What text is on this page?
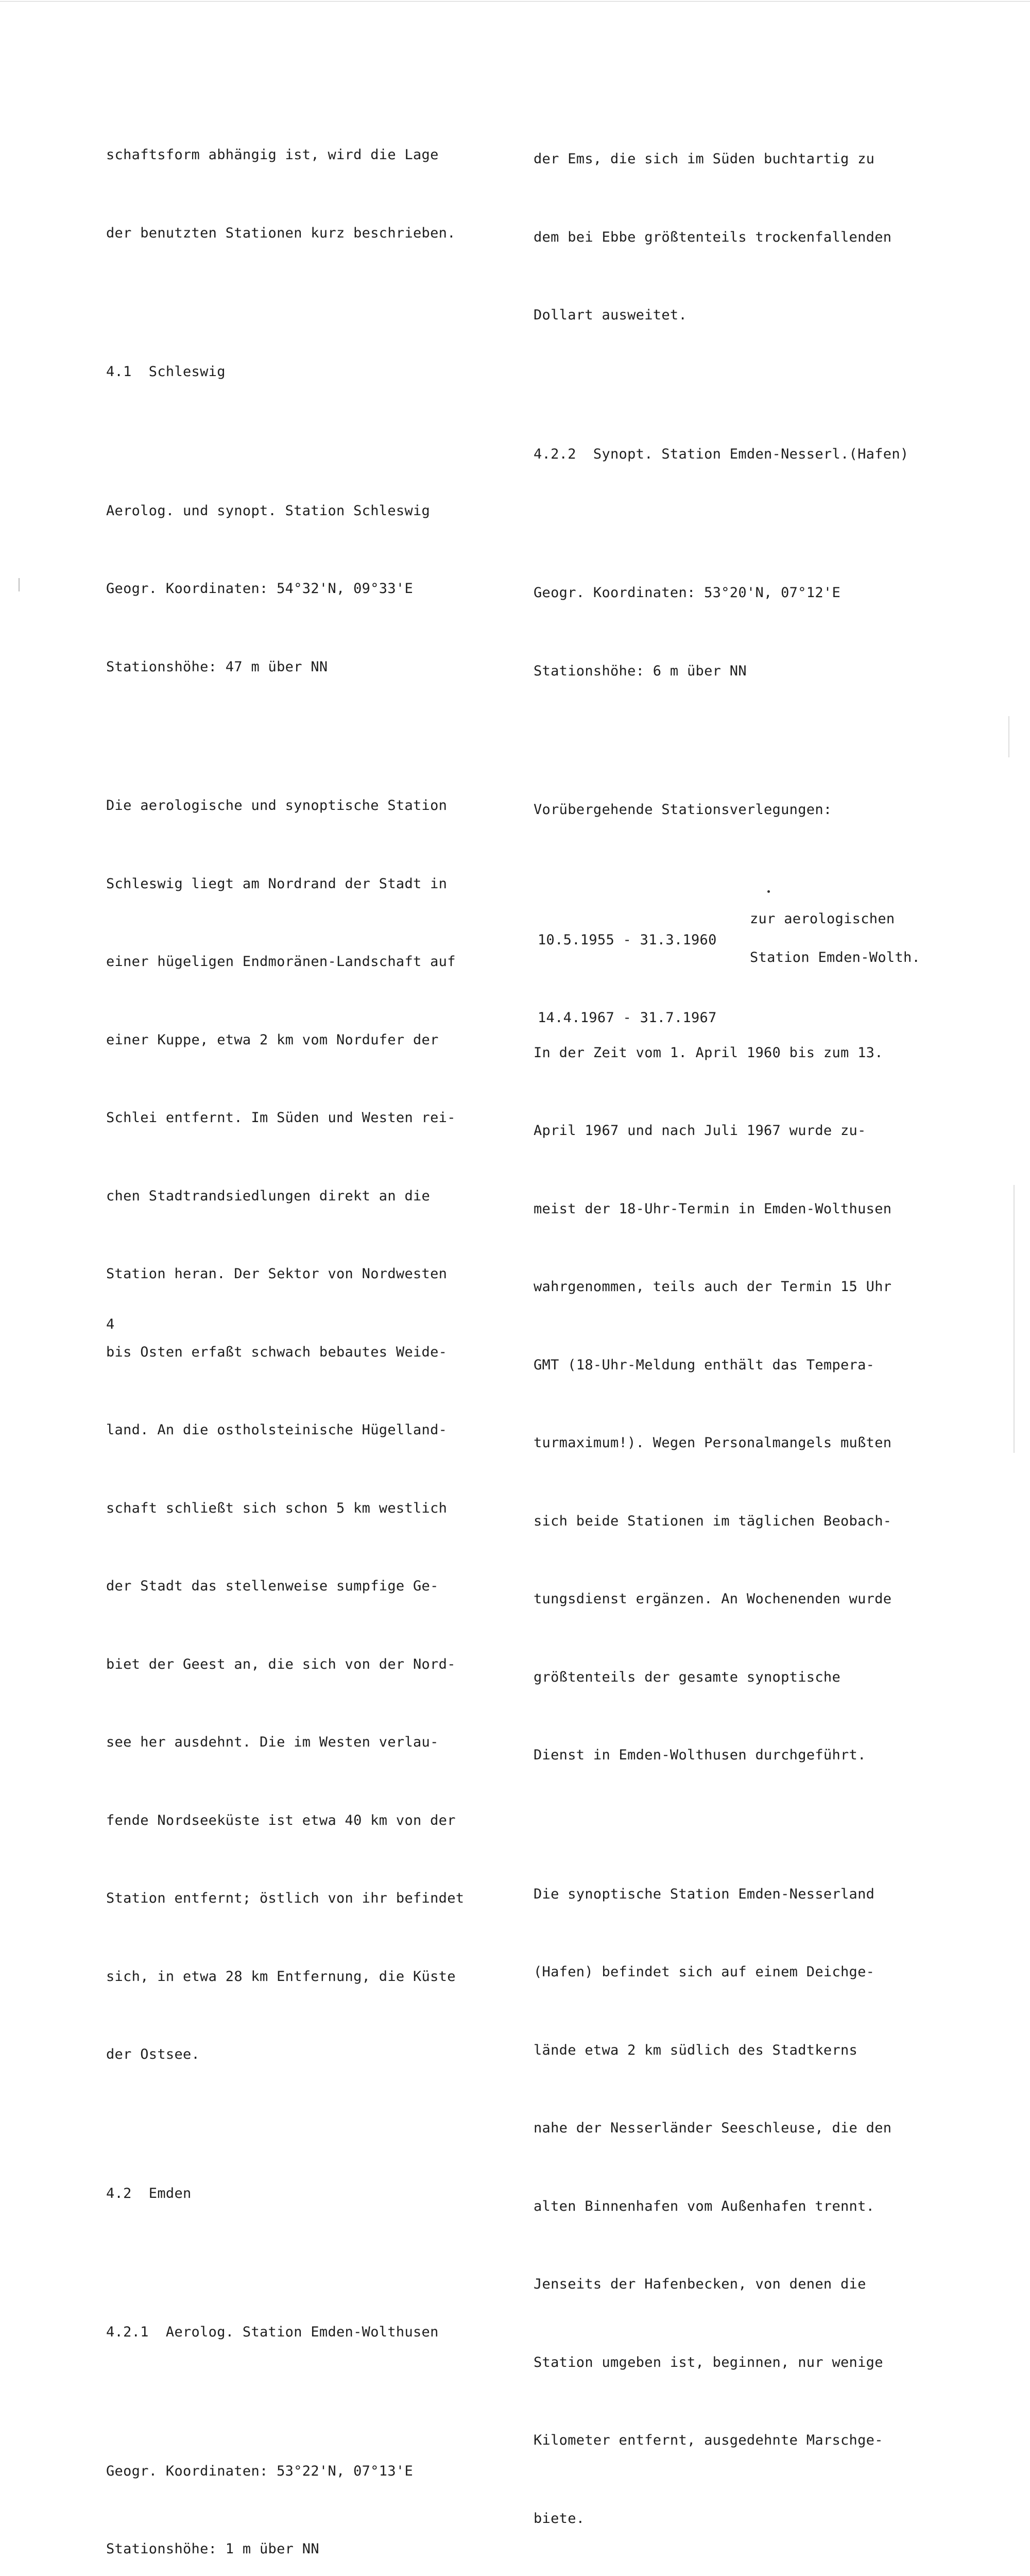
schaftsform abhängig ist, wird die Lage

der benutzten Stationen kurz beschrieben.

4.1  Schleswig

Aerolog. und synopt. Station Schleswig

Geogr. Koordinaten: 54°32'N, 09°33'E

Stationshöhe: 47 m über NN

Die aerologische und synoptische Station

Schleswig liegt am Nordrand der Stadt in

einer hügeligen Endmoränen-Landschaft auf

einer Kuppe, etwa 2 km vom Nordufer der

Schlei entfernt. Im Süden und Westen rei-

chen Stadtrandsiedlungen direkt an die

Station heran. Der Sektor von Nordwesten

bis Osten erfaßt schwach bebautes Weide-

land. An die ostholsteinische Hügelland-

schaft schließt sich schon 5 km westlich

der Stadt das stellenweise sumpfige Ge-

biet der Geest an, die sich von der Nord-

see her ausdehnt. Die im Westen verlau-

fende Nordseeküste ist etwa 40 km von der

Station entfernt; östlich von ihr befindet

sich, in etwa 28 km Entfernung, die Küste

der Ostsee.

4.2  Emden

4.2.1  Aerolog. Station Emden-Wolthusen

Geogr. Koordinaten: 53°22'N, 07°13'E

Stationshöhe: 1 m über NN

der Ems, die sich im Süden buchtartig zu

dem bei Ebbe größtenteils trockenfallenden

Dollart ausweitet.

4.2.2  Synopt. Station Emden-Nesserl.(Hafen)

Geogr. Koordinaten: 53°20'N, 07°12'E

Stationshöhe: 6 m über NN

Vorübergehende Stationsverlegungen:

10.5.1955 - 31.3.1960

14.4.1967 - 31.7.1967

zur aerologischen

Station Emden-Wolth.

In der Zeit vom 1. April 1960 bis zum 13.

April 1967 und nach Juli 1967 wurde zu-

meist der 18-Uhr-Termin in Emden-Wolthusen

wahrgenommen, teils auch der Termin 15 Uhr

GMT (18-Uhr-Meldung enthält das Tempera-

turmaximum!). Wegen Personalmangels mußten

sich beide Stationen im täglichen Beobach-

tungsdienst ergänzen. An Wochenenden wurde

größtenteils der gesamte synoptische

Dienst in Emden-Wolthusen durchgeführt.

Die synoptische Station Emden-Nesserland

(Hafen) befindet sich auf einem Deichge-

lände etwa 2 km südlich des Stadtkerns

nahe der Nesserländer Seeschleuse, die den

alten Binnenhafen vom Außenhafen trennt.

Jenseits der Hafenbecken, von denen die

Station umgeben ist, beginnen, nur wenige

Kilometer entfernt, ausgedehnte Marschge-

biete.

4
